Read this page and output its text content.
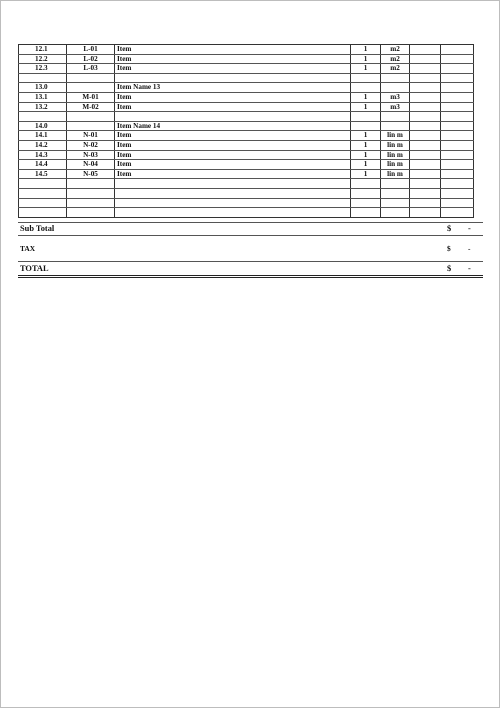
12.1	L-01	Item	1	m2		
12.2	L-02	Item	1	m2		
12.3	L-03	Item	1	m2		

13.0		Item Name 13				
13.1	M-01	Item	1	m3		
13.2	M-02	Item	1	m3		

14.0		Item Name 14				
14.1	N-01	Item	1	lin m		
14.2	N-02	Item	1	lin m		
14.3	N-03	Item	1	lin m		
14.4	N-04	Item	1	lin m		
14.5	N-05	Item	1	lin m		

Sub Total	$ -
TAX	$ -
TOTAL	$ -
